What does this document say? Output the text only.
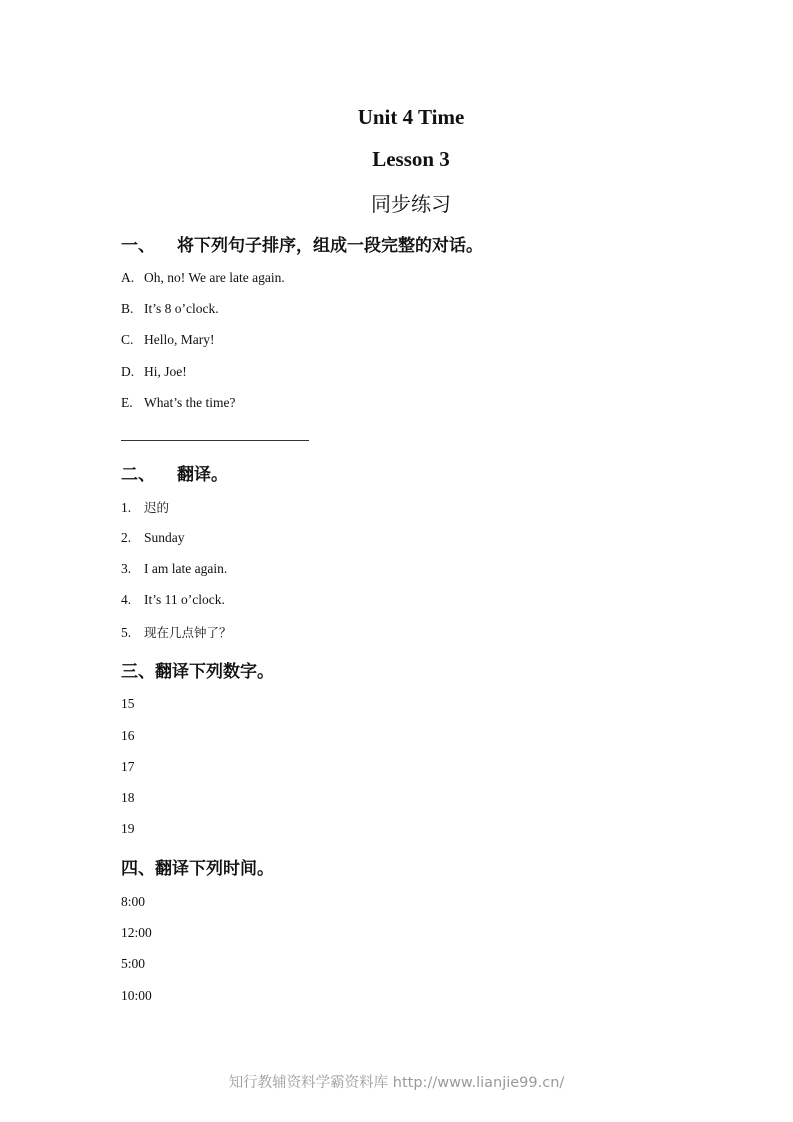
Unit 4 Time
Lesson 3
同步练习
一、 将下列句子排序，组成一段完整的对话。
A. Oh, no! We are late again.
B. It’s 8 o’clock.
C. Hello, Mary!
D. Hi, Joe!
E. What’s the time?
二、 翻译。
1. 迟的
2. Sunday
3. I am late again.
4. It’s 11 o’clock.
5. 现在几点钟了？
三、翻译下列数字。
15
16
17
18
19
四、翻译下列时间。
8:00
12:00
5:00
10:00
知行教辅资料学霸资料库 http://www.lianjie99.cn/
